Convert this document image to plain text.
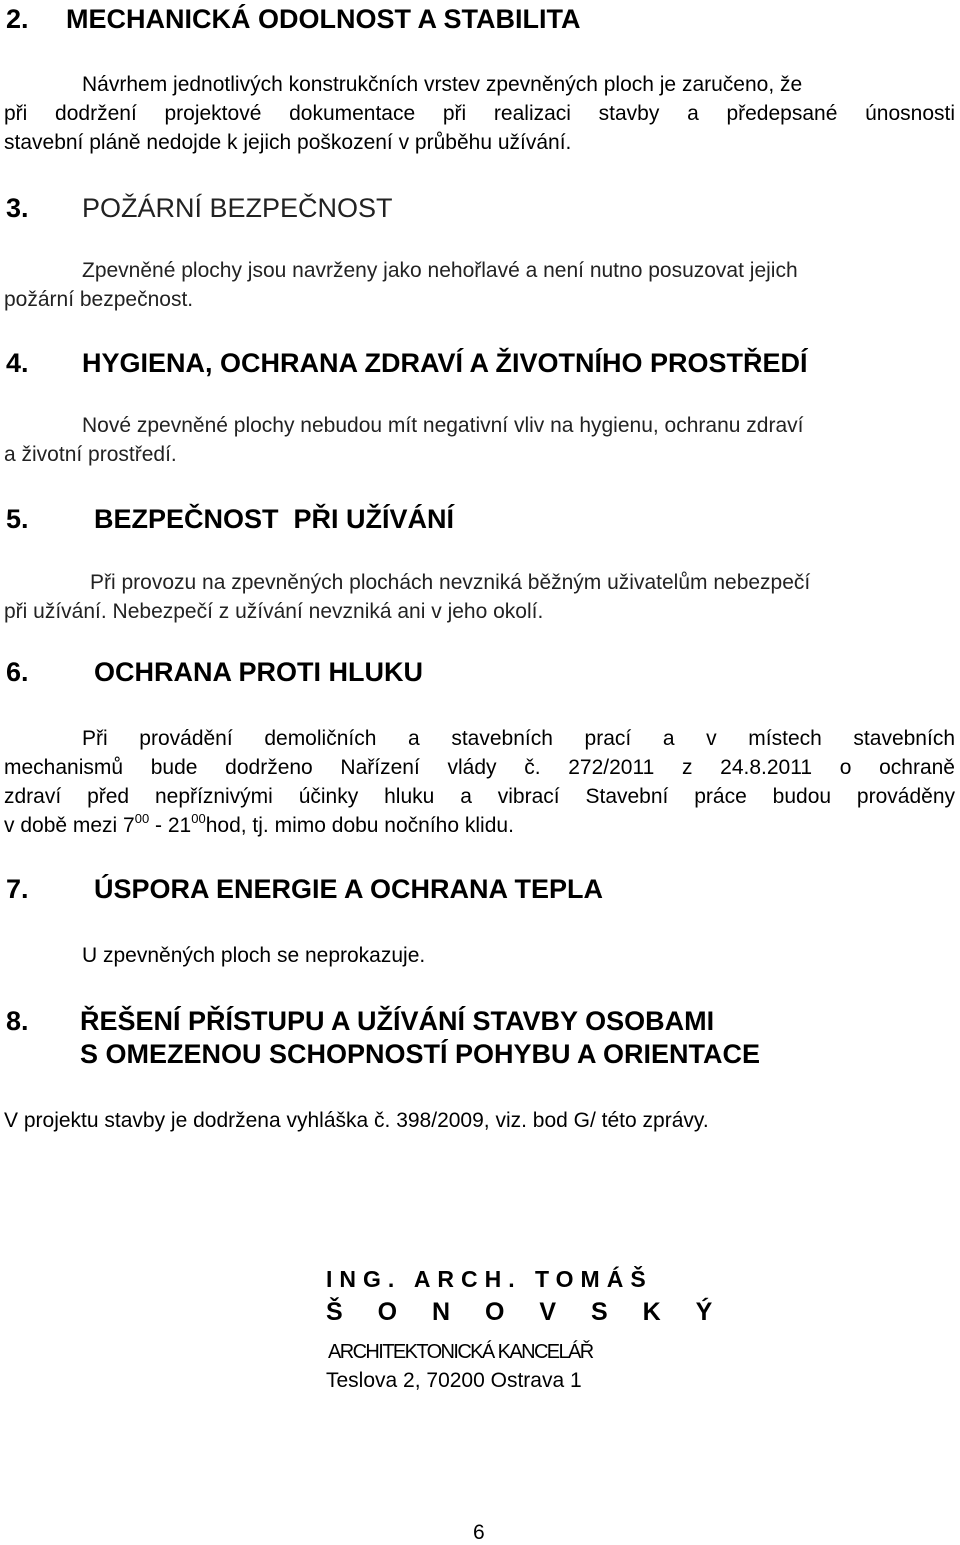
2.     MECHANICKÁ ODOLNOST A STABILITA
Návrhem jednotlivých konstrukčních vrstev zpevněných ploch je zaručeno, že
při dodržení projektové dokumentace při realizaci stavby a předepsané únosnosti
stavební pláně nedojde k jejich poškození v průběhu užívání.
3. POŽÁRNÍ BEZPEČNOST
Zpevněné plochy jsou navrženy jako nehořlavé a není nutno posuzovat jejich
požární bezpečnost.
4. HYGIENA, OCHRANA ZDRAVÍ A ŽIVOTNÍHO PROSTŘEDÍ
Nové zpevněné plochy nebudou mít negativní vliv na hygienu, ochranu zdraví
a životní prostředí.
5. BEZPEČNOST  PŘI UŽÍVÁNÍ
Při provozu na zpevněných plochách nevzniká běžným uživatelům nebezpečí
při užívání. Nebezpečí z užívání nevzniká ani v jeho okolí.
6. OCHRANA PROTI HLUKU
Při provádění demoličních a stavebních prací a v místech stavebních
mechanismů bude dodrženo Nařízení vlády č. 272/2011 z 24.8.2011 o ochraně
zdraví před nepříznivými účinky hluku a vibrací Stavební práce budou prováděny
v době mezi $7^{00} - 21^{00}hod$, tj. mimo dobu nočního klidu.
7. ÚSPORA ENERGIE A OCHRANA TEPLA
U zpevněných ploch se neprokazuje.
8. ŘEŠENÍ PŘÍSTUPU A UŽÍVÁNÍ STAVBY OSOBAMI
S OMEZENOU SCHOPNOSTÍ POHYBU A ORIENTACE
V projektu stavby je dodržena vyhláška č. 398/2009, viz. bod G/ této zprávy.
ING. ARCH. TOMÁŠ
Š O N O V S K Ý
ARCHITEKTONICKÁ KANCELÁŘ
Teslova 2, 70200 Ostrava 1
6
